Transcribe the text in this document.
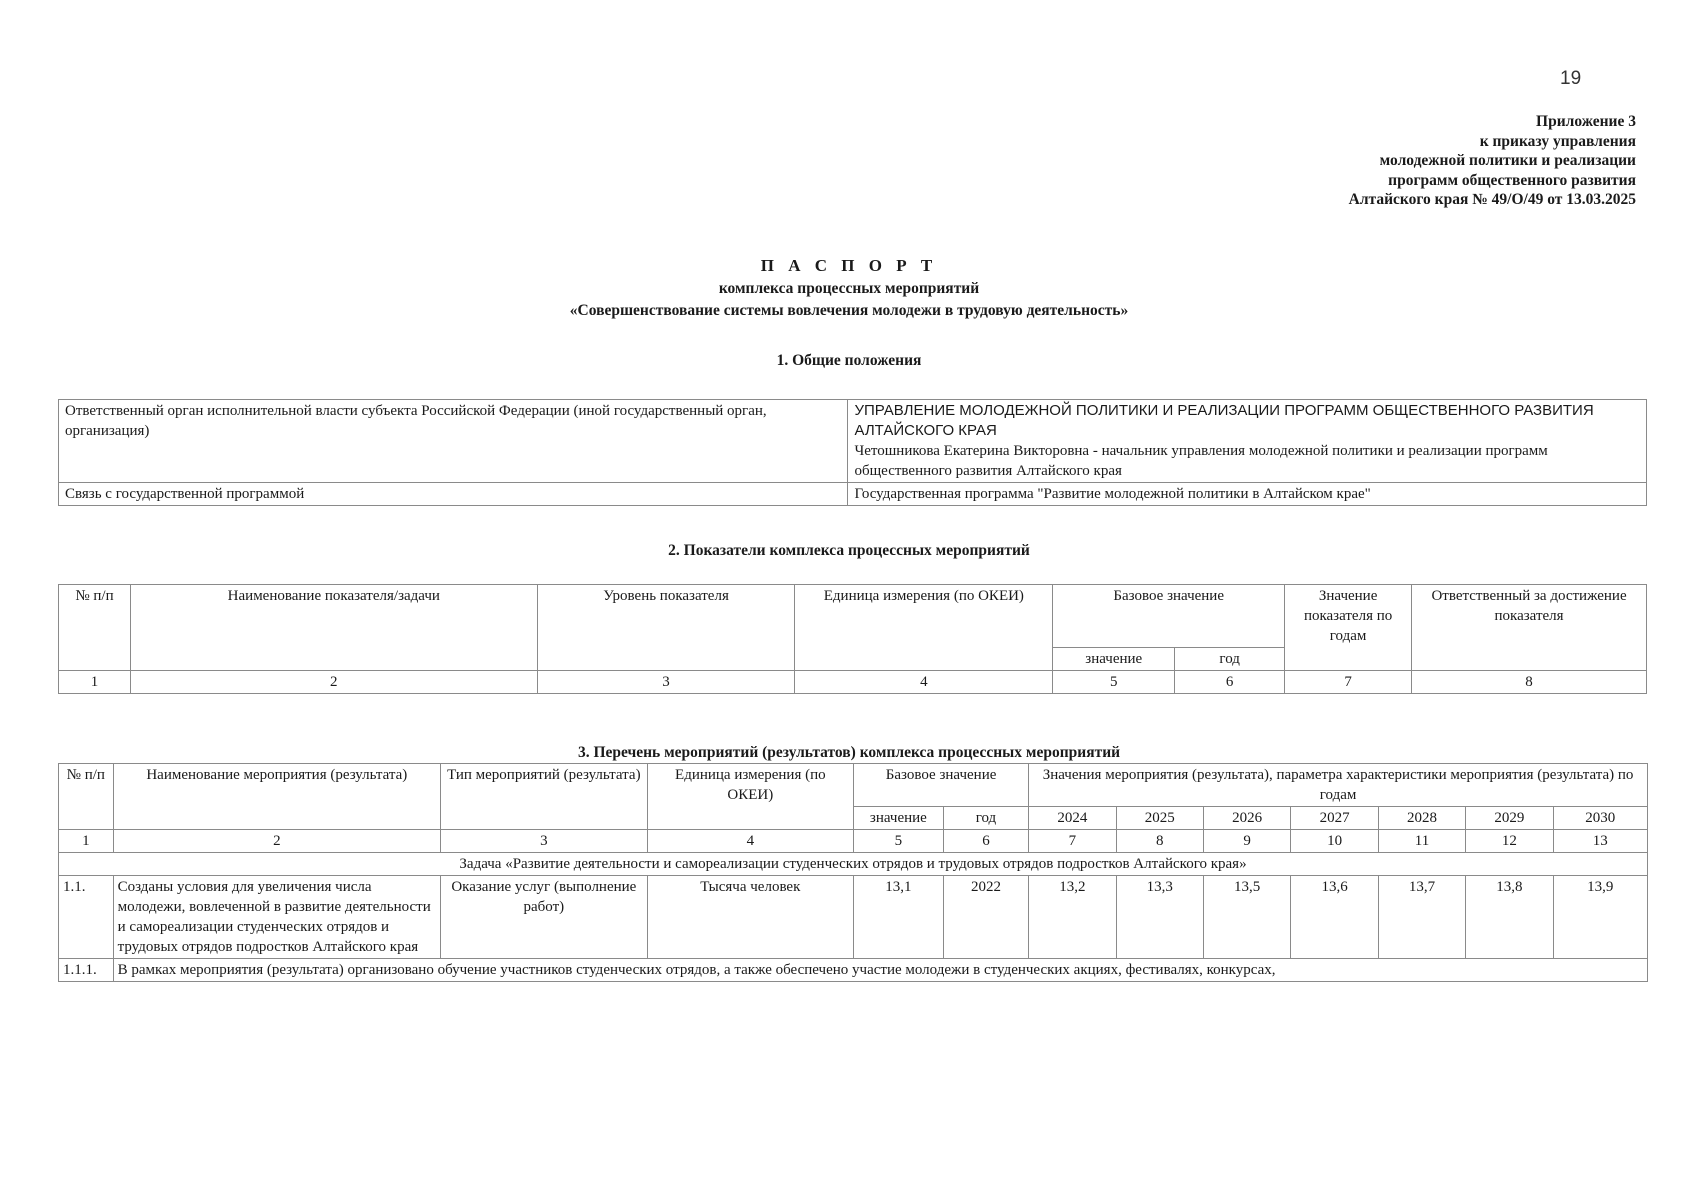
19
Приложение 3
к приказу управления
молодежной политики и реализации
программ общественного развития
Алтайского края № 49/О/49 от 13.03.2025
П А С П О Р Т
комплекса процессных мероприятий
«Совершенствование системы вовлечения молодежи в трудовую деятельность»
1. Общие положения
Ответственный орган исполнительной власти субъекта Российской Федерации (иной государственный орган, организация)	УПРАВЛЕНИЕ МОЛОДЕЖНОЙ ПОЛИТИКИ И РЕАЛИЗАЦИИ ПРОГРАММ ОБЩЕСТВЕННОГО РАЗВИТИЯ АЛТАЙСКОГО КРАЯ
Четошникова Екатерина Викторовна - начальник управления молодежной политики и реализации программ общественного развития Алтайского края

Связь с государственной программой	Государственная программа "Развитие молодежной политики в Алтайском крае"
2. Показатели комплекса процессных мероприятий
№ п/п	Наименование показателя/задачи	Уровень показателя	Единица измерения (по ОКЕИ)	Базовое значение		Значение показателя по годам	Ответственный за достижение показателя
				значение	год		
1	2	3	4	5	6	7	8
3. Перечень мероприятий (результатов) комплекса процессных мероприятий
№ п/п	Наименование мероприятия (результата)	Тип мероприятий (результата)	Единица измерения (по ОКЕИ)	Базовое значение		Значения мероприятия (результата), параметра характеристики мероприятия (результата) по годам						
				значение	год	2024	2025	2026	2027	2028	2029	2030
1	2	3	4	5	6	7	8	9	10	11	12	13
Задача «Развитие деятельности и самореализации студенческих отрядов и трудовых отрядов подростков Алтайского края»												
1.1.	Созданы условия для увеличения числа молодежи, вовлеченной в развитие деятельности и самореализации студенческих отрядов и трудовых отрядов подростков Алтайского края	Оказание услуг (выполнение работ)	Тысяча человек	13,1	2022	13,2	13,3	13,5	13,6	13,7	13,8	13,9
1.1.1.	В рамках мероприятия (результата) организовано обучение участников студенческих отрядов, а также обеспечено участие молодежи в студенческих акциях, фестивалях, конкурсах,											
